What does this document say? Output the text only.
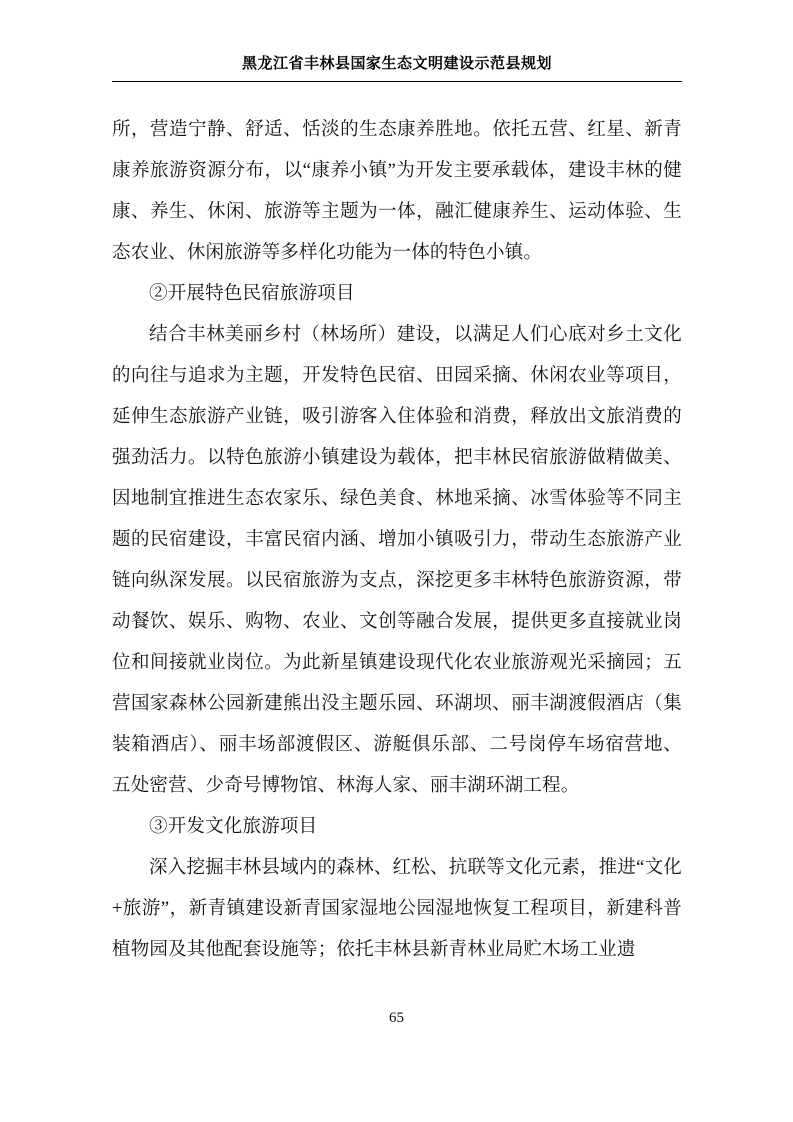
黑龙江省丰林县国家生态文明建设示范县规划

所，营造宁静、舒适、恬淡的生态康养胜地。依托五营、红星、新青康养旅游资源分布，以“康养小镇”为开发主要承载体，建设丰林的健康、养生、休闲、旅游等主题为一体，融汇健康养生、运动体验、生态农业、休闲旅游等多样化功能为一体的特色小镇。

②开展特色民宿旅游项目

结合丰林美丽乡村（林场所）建设，以满足人们心底对乡土文化的向往与追求为主题，开发特色民宿、田园采摘、休闲农业等项目，延伸生态旅游产业链，吸引游客入住体验和消费，释放出文旅消费的强劲活力。以特色旅游小镇建设为载体，把丰林民宿旅游做精做美、因地制宜推进生态农家乐、绿色美食、林地采摘、冰雪体验等不同主题的民宿建设，丰富民宿内涵、增加小镇吸引力，带动生态旅游产业链向纵深发展。以民宿旅游为支点，深挖更多丰林特色旅游资源，带动餐饮、娱乐、购物、农业、文创等融合发展，提供更多直接就业岗位和间接就业岗位。为此新星镇建设现代化农业旅游观光采摘园；五营国家森林公园新建熊出没主题乐园、环湖坝、丽丰湖渡假酒店（集装箱酒店）、丽丰场部渡假区、游艇俱乐部、二号岗停车场宿营地、五处密营、少奇号博物馆、林海人家、丽丰湖环湖工程。

③开发文化旅游项目

深入挖掘丰林县域内的森林、红松、抗联等文化元素，推进“文化+旅游”，新青镇建设新青国家湿地公园湿地恢复工程项目，新建科普植物园及其他配套设施等；依托丰林县新青林业局贮木场工业遗

65
